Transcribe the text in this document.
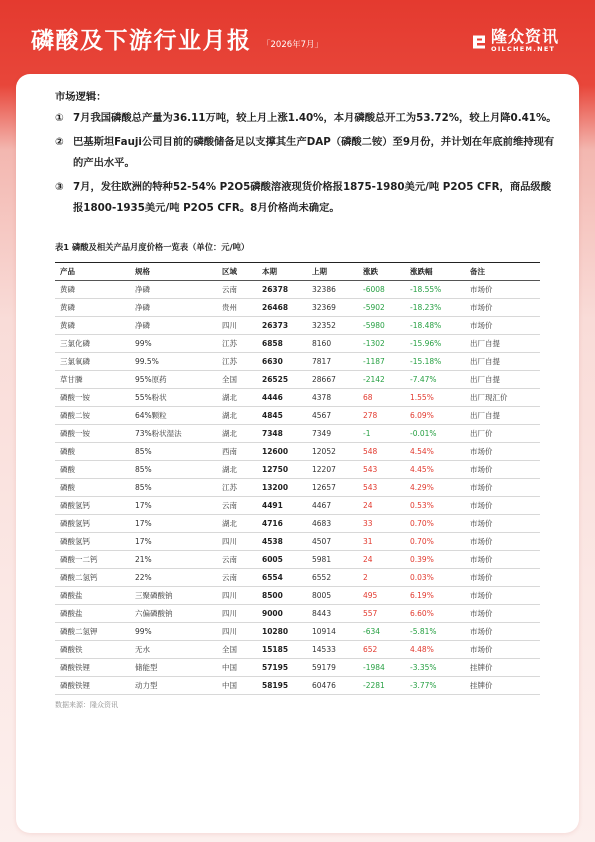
磷酸及下游行业月报 「2026年7月」	隆众资讯
OILCHEM.NET
市场逻辑：
① 7月我国磷酸总产量为36.11万吨，较上月上涨1.40%，本月磷酸总开工为53.72%，较上月降0.41%。
② 巴基斯坦Fauji公司目前的磷酸储备足以支撑其生产DAP（磷酸二铵）至9月份，并计划在年底前维持现有的产出水平。
③ 7月，发往欧洲的特种52-54% P2O5磷酸溶液现货价格报1875-1980美元/吨 P2O5 CFR，商品级酸报1800-1935美元/吨 P2O5 CFR。8月价格尚未确定。
表1 磷酸及相关产品月度价格一览表（单位：元/吨）
产品	规格	区域	本期	上期	涨跌	涨跌幅	备注
黄磷	净磷	云南	26378	32386	-6008	-18.55%	市场价
黄磷	净磷	贵州	26468	32369	-5902	-18.23%	市场价
黄磷	净磷	四川	26373	32352	-5980	-18.48%	市场价
三氯化磷	99%	江苏	6858	8160	-1302	-15.96%	出厂自提
三氯氧磷	99.5%	江苏	6630	7817	-1187	-15.18%	出厂自提
草甘膦	95%原药	全国	26525	28667	-2142	-7.47%	出厂自提
磷酸一铵	55%粉状	湖北	4446	4378	68	1.55%	出厂现汇价
磷酸二铵	64%颗粒	湖北	4845	4567	278	6.09%	出厂自提
磷酸一铵	73%粉状湿法	湖北	7348	7349	-1	-0.01%	出厂价
磷酸	85%	西南	12600	12052	548	4.54%	市场价
磷酸	85%	湖北	12750	12207	543	4.45%	市场价
磷酸	85%	江苏	13200	12657	543	4.29%	市场价
磷酸氢钙	17%	云南	4491	4467	24	0.53%	市场价
磷酸氢钙	17%	湖北	4716	4683	33	0.70%	市场价
磷酸氢钙	17%	四川	4538	4507	31	0.70%	市场价
磷酸一二钙	21%	云南	6005	5981	24	0.39%	市场价
磷酸二氢钙	22%	云南	6554	6552	2	0.03%	市场价
磷酸盐	三聚磷酸钠	四川	8500	8005	495	6.19%	市场价
磷酸盐	六偏磷酸钠	四川	9000	8443	557	6.60%	市场价
磷酸二氢钾	99%	四川	10280	10914	-634	-5.81%	市场价
磷酸铁	无水	全国	15185	14533	652	4.48%	市场价
磷酸铁锂	储能型	中国	57195	59179	-1984	-3.35%	挂牌价
磷酸铁锂	动力型	中国	58195	60476	-2281	-3.77%	挂牌价
数据来源：隆众资讯
